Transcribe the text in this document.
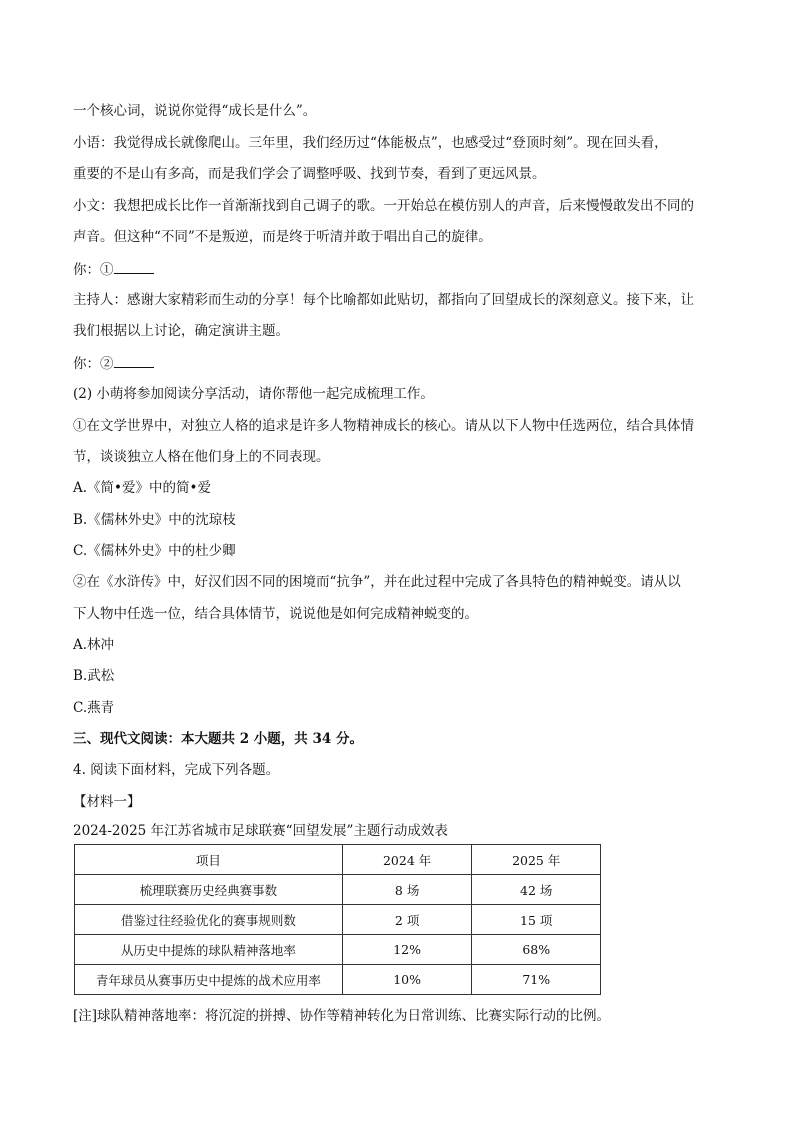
一个核心词，说说你觉得“成长是什么”。
小语：我觉得成长就像爬山。三年里，我们经历过“体能极点”，也感受过“登顶时刻”。现在回头看，
重要的不是山有多高，而是我们学会了调整呼吸、找到节奏，看到了更远风景。
小文：我想把成长比作一首渐渐找到自己调子的歌。一开始总在模仿别人的声音，后来慢慢敢发出不同的
声音。但这种“不同”不是叛逆，而是终于听清并敢于唱出自己的旋律。
你：①
主持人：感谢大家精彩而生动的分享！每个比喻都如此贴切，都指向了回望成长的深刻意义。接下来，让
我们根据以上讨论，确定演讲主题。
你：②
(2) 小萌将参加阅读分享活动，请你帮他一起完成梳理工作。
①在文学世界中，对独立人格的追求是许多人物精神成长的核心。请从以下人物中任选两位，结合具体情
节，谈谈独立人格在他们身上的不同表现。
A.《简•爱》中的简•爱
B.《儒林外史》中的沈琼枝
C.《儒林外史》中的杜少卿
②在《水浒传》中，好汉们因不同的困境而“抗争”，并在此过程中完成了各具特色的精神蜕变。请从以
下人物中任选一位，结合具体情节，说说他是如何完成精神蜕变的。
A.林冲
B.武松
C.燕青
三、现代文阅读：本大题共 2 小题，共 34 分。
4. 阅读下面材料，完成下列各题。
【材料一】
2024-2025 年江苏省城市足球联赛“回望发展”主题行动成效表
项目	2024 年	2025 年
梳理联赛历史经典赛事数	8 场	42 场
借鉴过往经验优化的赛事规则数	2 项	15 项
从历史中提炼的球队精神落地率	12%	68%
青年球员从赛事历史中提炼的战术应用率	10%	71%
[注]球队精神落地率：将沉淀的拼搏、协作等精神转化为日常训练、比赛实际行动的比例。
